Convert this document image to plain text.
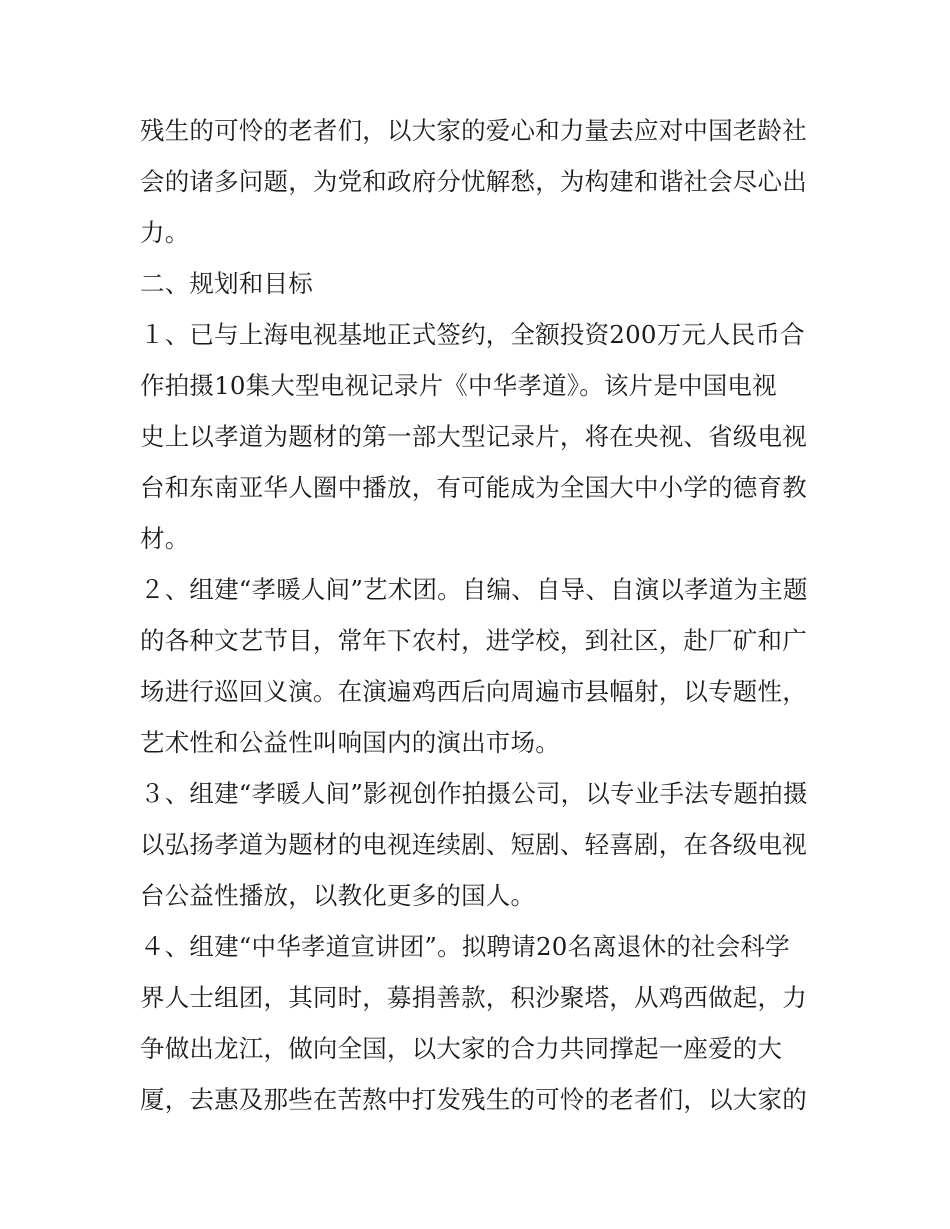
残生的可怜的老者们，以大家的爱心和力量去应对中国老龄社
会的诸多问题，为党和政府分忧解愁，为构建和谐社会尽心出
力。
二、规划和目标
１、已与上海电视基地正式签约，全额投资200万元人民币合
作拍摄10集大型电视记录片《中华孝道》。该片是中国电视
史上以孝道为题材的第一部大型记录片，将在央视、省级电视
台和东南亚华人圈中播放，有可能成为全国大中小学的德育教
材。
２、组建“孝暖人间”艺术团。自编、自导、自演以孝道为主题
的各种文艺节目，常年下农村，进学校，到社区，赴厂矿和广
场进行巡回义演。在演遍鸡西后向周遍市县幅射，以专题性，
艺术性和公益性叫响国内的演出市场。
３、组建“孝暖人间”影视创作拍摄公司，以专业手法专题拍摄
以弘扬孝道为题材的电视连续剧、短剧、轻喜剧，在各级电视
台公益性播放，以教化更多的国人。
４、组建“中华孝道宣讲团”。拟聘请20名离退休的社会科学
界人士组团，其同时，募捐善款，积沙聚塔，从鸡西做起，力
争做出龙江，做向全国，以大家的合力共同撑起一座爱的大
厦，去惠及那些在苦熬中打发残生的可怜的老者们，以大家的
